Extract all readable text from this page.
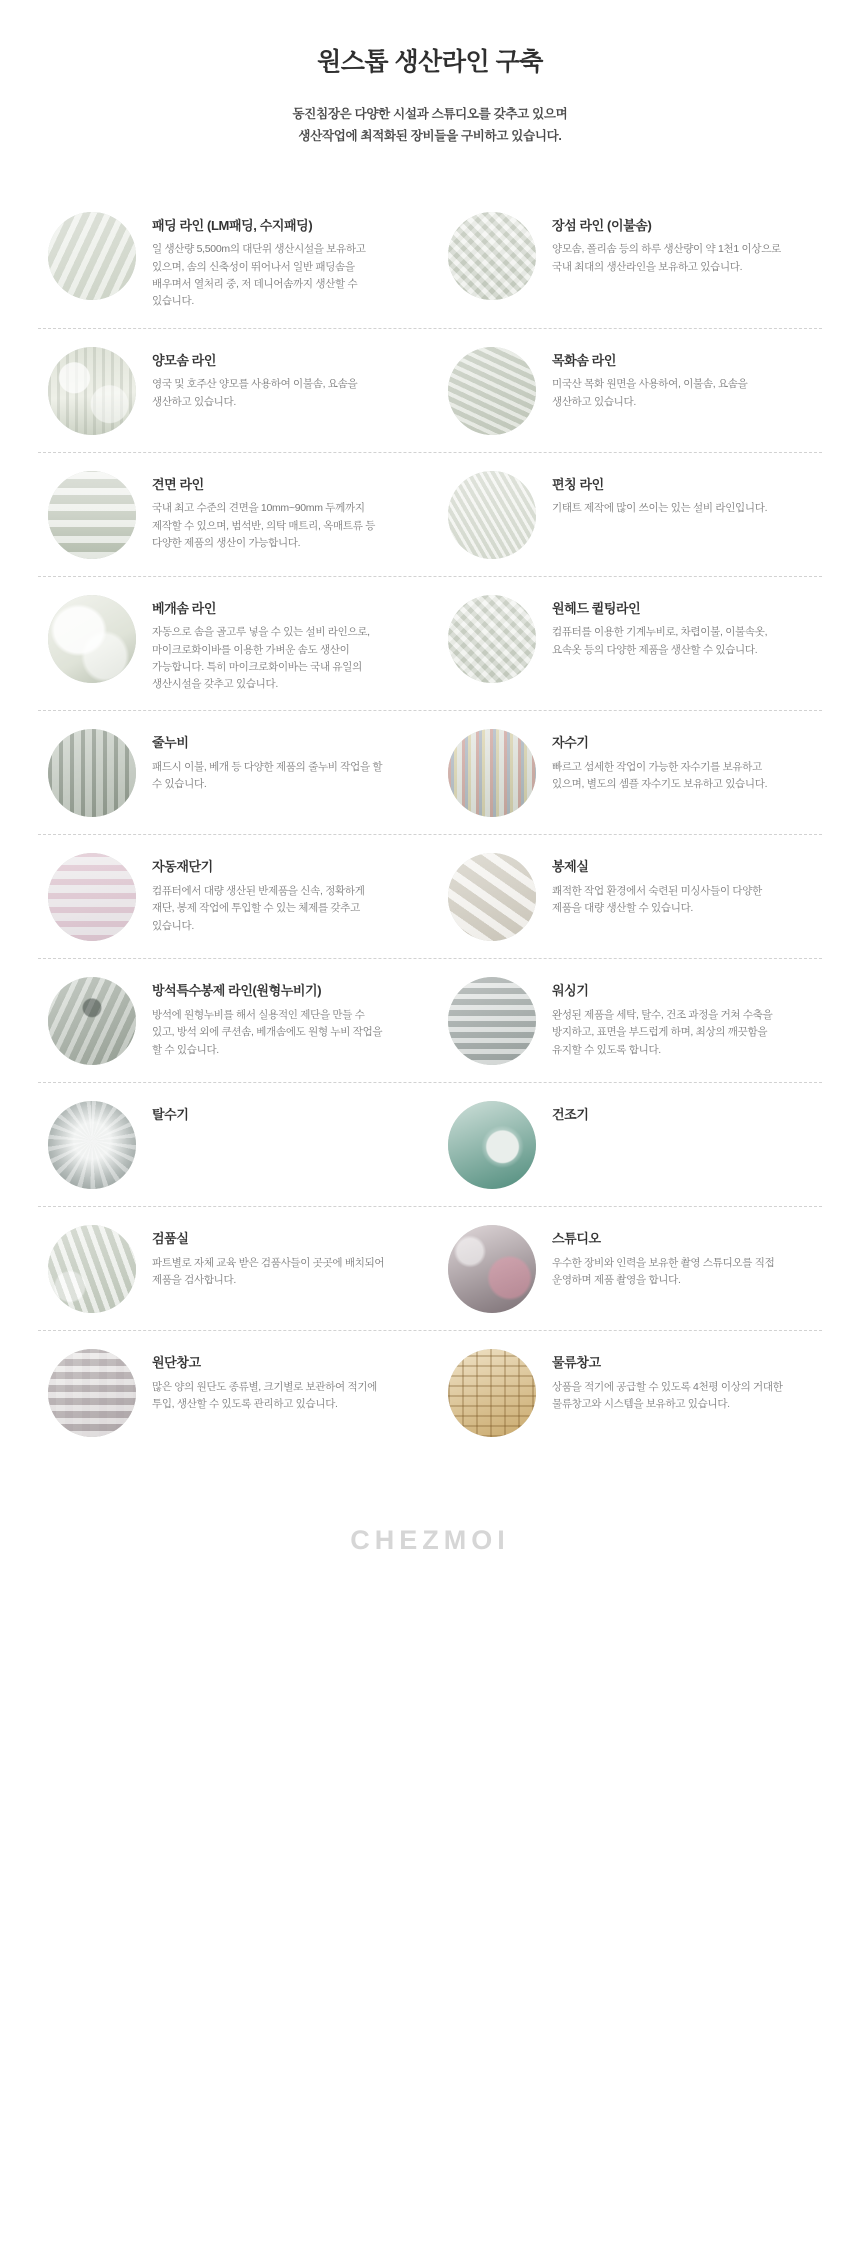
원스톱 생산라인 구축
동진침장은 다양한 시설과 스튜디오를 갖추고 있으며
생산작업에 최적화된 장비들을 구비하고 있습니다.

패딩 라인 (LM패딩, 수지패딩)

일 생산량 5,500m의 대단위 생산시설을 보유하고 있으며, 솜의 신축성이 뛰어나서 일반 패딩솜을 배우며서 열처리 중, 저 데니어솜까지 생산할 수 있습니다.

장섬 라인 (이불솜)

양모솜, 폴리솜 등의 하루 생산량이 약 1천1 이상으로 국내 최대의 생산라인을 보유하고 있습니다.

양모솜 라인

영국 및 호주산 양모를 사용하여 이불솜, 요솜을 생산하고 있습니다.

목화솜 라인

미국산 목화 원면을 사용하여, 이불솜, 요솜을 생산하고 있습니다.

견면 라인

국내 최고 수준의 견면을 10mm~90mm 두께까지 제작할 수 있으며, 범석반, 의탁 매트리, 옥매트류 등 다양한 제품의 생산이 가능합니다.

편칭 라인

기태트 제작에 많이 쓰이는 있는 설비 라인입니다.

베개솜 라인

자동으로 솜을 골고루 넣을 수 있는 설비 라인으로, 마이크로화이바를 이용한 가벼운 솜도 생산이 가능합니다. 특히 마이크로화이바는 국내 유일의 생산시설을 갖추고 있습니다.

원헤드 퀼팅라인

컴퓨터를 이용한 기계누비로, 차렵이불, 이불속옷, 요속옷 등의 다양한 제품을 생산할 수 있습니다.

줄누비

패드시 이불, 베개 등 다양한 제품의 줄누비 작업을 할 수 있습니다.

자수기

빠르고 섬세한 작업이 가능한 자수기를 보유하고 있으며, 별도의 셈플 자수기도 보유하고 있습니다.

자동재단기

컴퓨터에서 대량 생산된 반제품을 신속, 정확하게 재단, 봉제 작업에 투입할 수 있는 체제를 갖추고 있습니다.

봉제실

쾌적한 작업 환경에서 숙련된 미싱사들이 다양한 제품을 대량 생산할 수 있습니다.

방석특수봉제 라인(원형누비기)

방석에 원형누비를 해서 실용적인 제단을 만들 수 있고, 방석 외에 쿠션솜, 베개솜에도 원형 누비 작업을 할 수 있습니다.

워싱기

완성된 제품을 세탁, 탈수, 건조 과정을 거쳐 수축을 방지하고, 표면을 부드럽게 하며, 최상의 깨끗함을 유지할 수 있도록 합니다.

탈수기	건조기

검품실

파트별로 자체 교육 받은 검품사들이 곳곳에 배치되어 제품을 검사합니다.

스튜디오

우수한 장비와 인력을 보유한 촬영 스튜디오를 직접 운영하며 제품 촬영을 합니다.

원단창고

많은 양의 원단도 종류별, 크기별로 보관하여 적기에 투입, 생산할 수 있도록 관리하고 있습니다.

물류창고

상품을 적기에 공급할 수 있도록 4천평 이상의 거대한 물류창고와 시스템을 보유하고 있습니다.

CHEZMOI
